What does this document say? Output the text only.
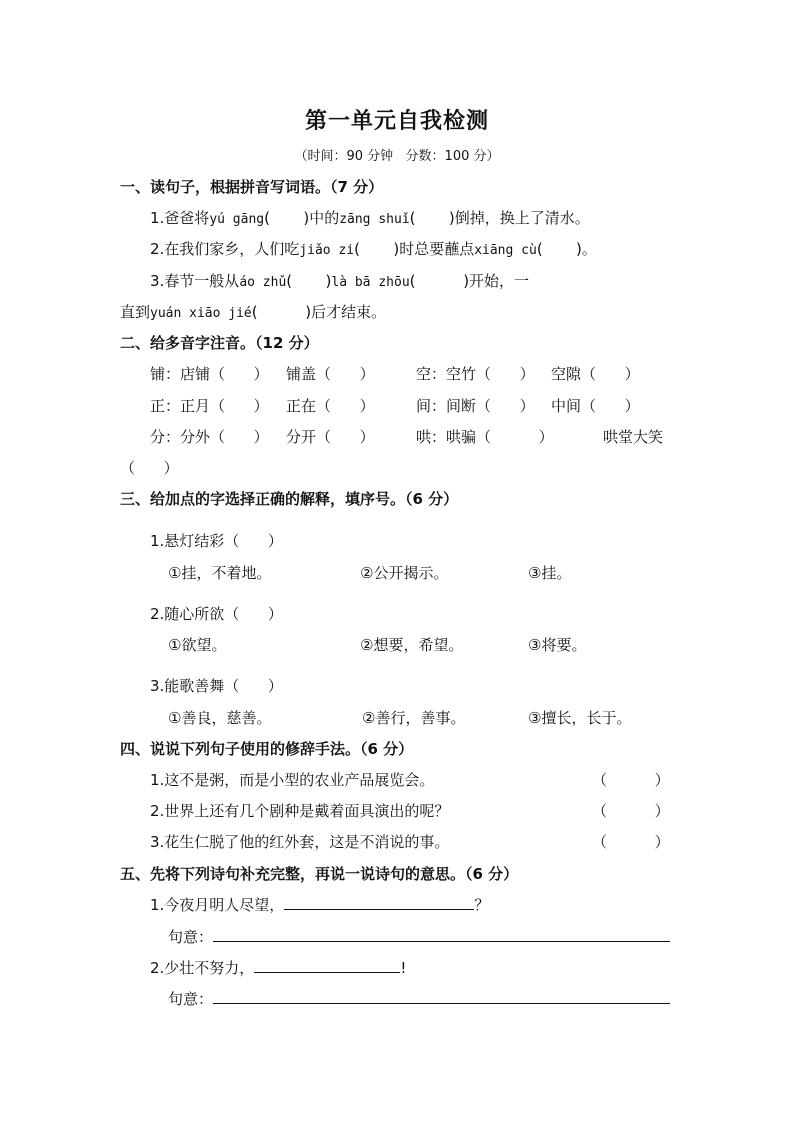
第一单元自我检测
（时间：90 分钟   分数：100 分）
一、读句子，根据拼音写词语。（7 分）
1.爸爸将yú gāng(       )中的zāng shuǐ(       )倒掉，换上了清水。
2.在我们家乡，人们吃jiǎo zi(       )时总要蘸点xiāng cù(       )。
3.春节一般从áo zhǔ(       )là bā zhōu(          )开始，一
直到yuán xiāo jié(          )后才结束。
二、给多音字注音。（12 分）
铺：店铺（      ） 铺盖（      ）	空：空竹（      ） 空隙（      ）
正：正月（      ） 正在（      ）	间：间断（      ） 中间（      ）
分：分外（      ） 分开（      ）	哄：哄骗（          ）	哄堂大笑
（      ）
三、给加点的字选择正确的解释，填序号。（6 分）
1.悬灯结彩（      ）
①挂，不着地。	②公开揭示。	③挂。
2.随心所欲（      ）
①欲望。	②想要，希望。	③将要。
3.能歌善舞（      ）
①善良，慈善。	②善行，善事。	③擅长，长于。
四、说说下列句子使用的修辞手法。（6 分）
1.这不是粥，而是小型的农业产品展览会。	（          ）
2.世界上还有几个剧种是戴着面具演出的呢？	（          ）
3.花生仁脱了他的红外套，这是不消说的事。	（          ）
五、先将下列诗句补充完整，再说一说诗句的意思。（6 分）
1.今夜月明人尽望，	？
句意：
2.少壮不努力，	!
句意：
